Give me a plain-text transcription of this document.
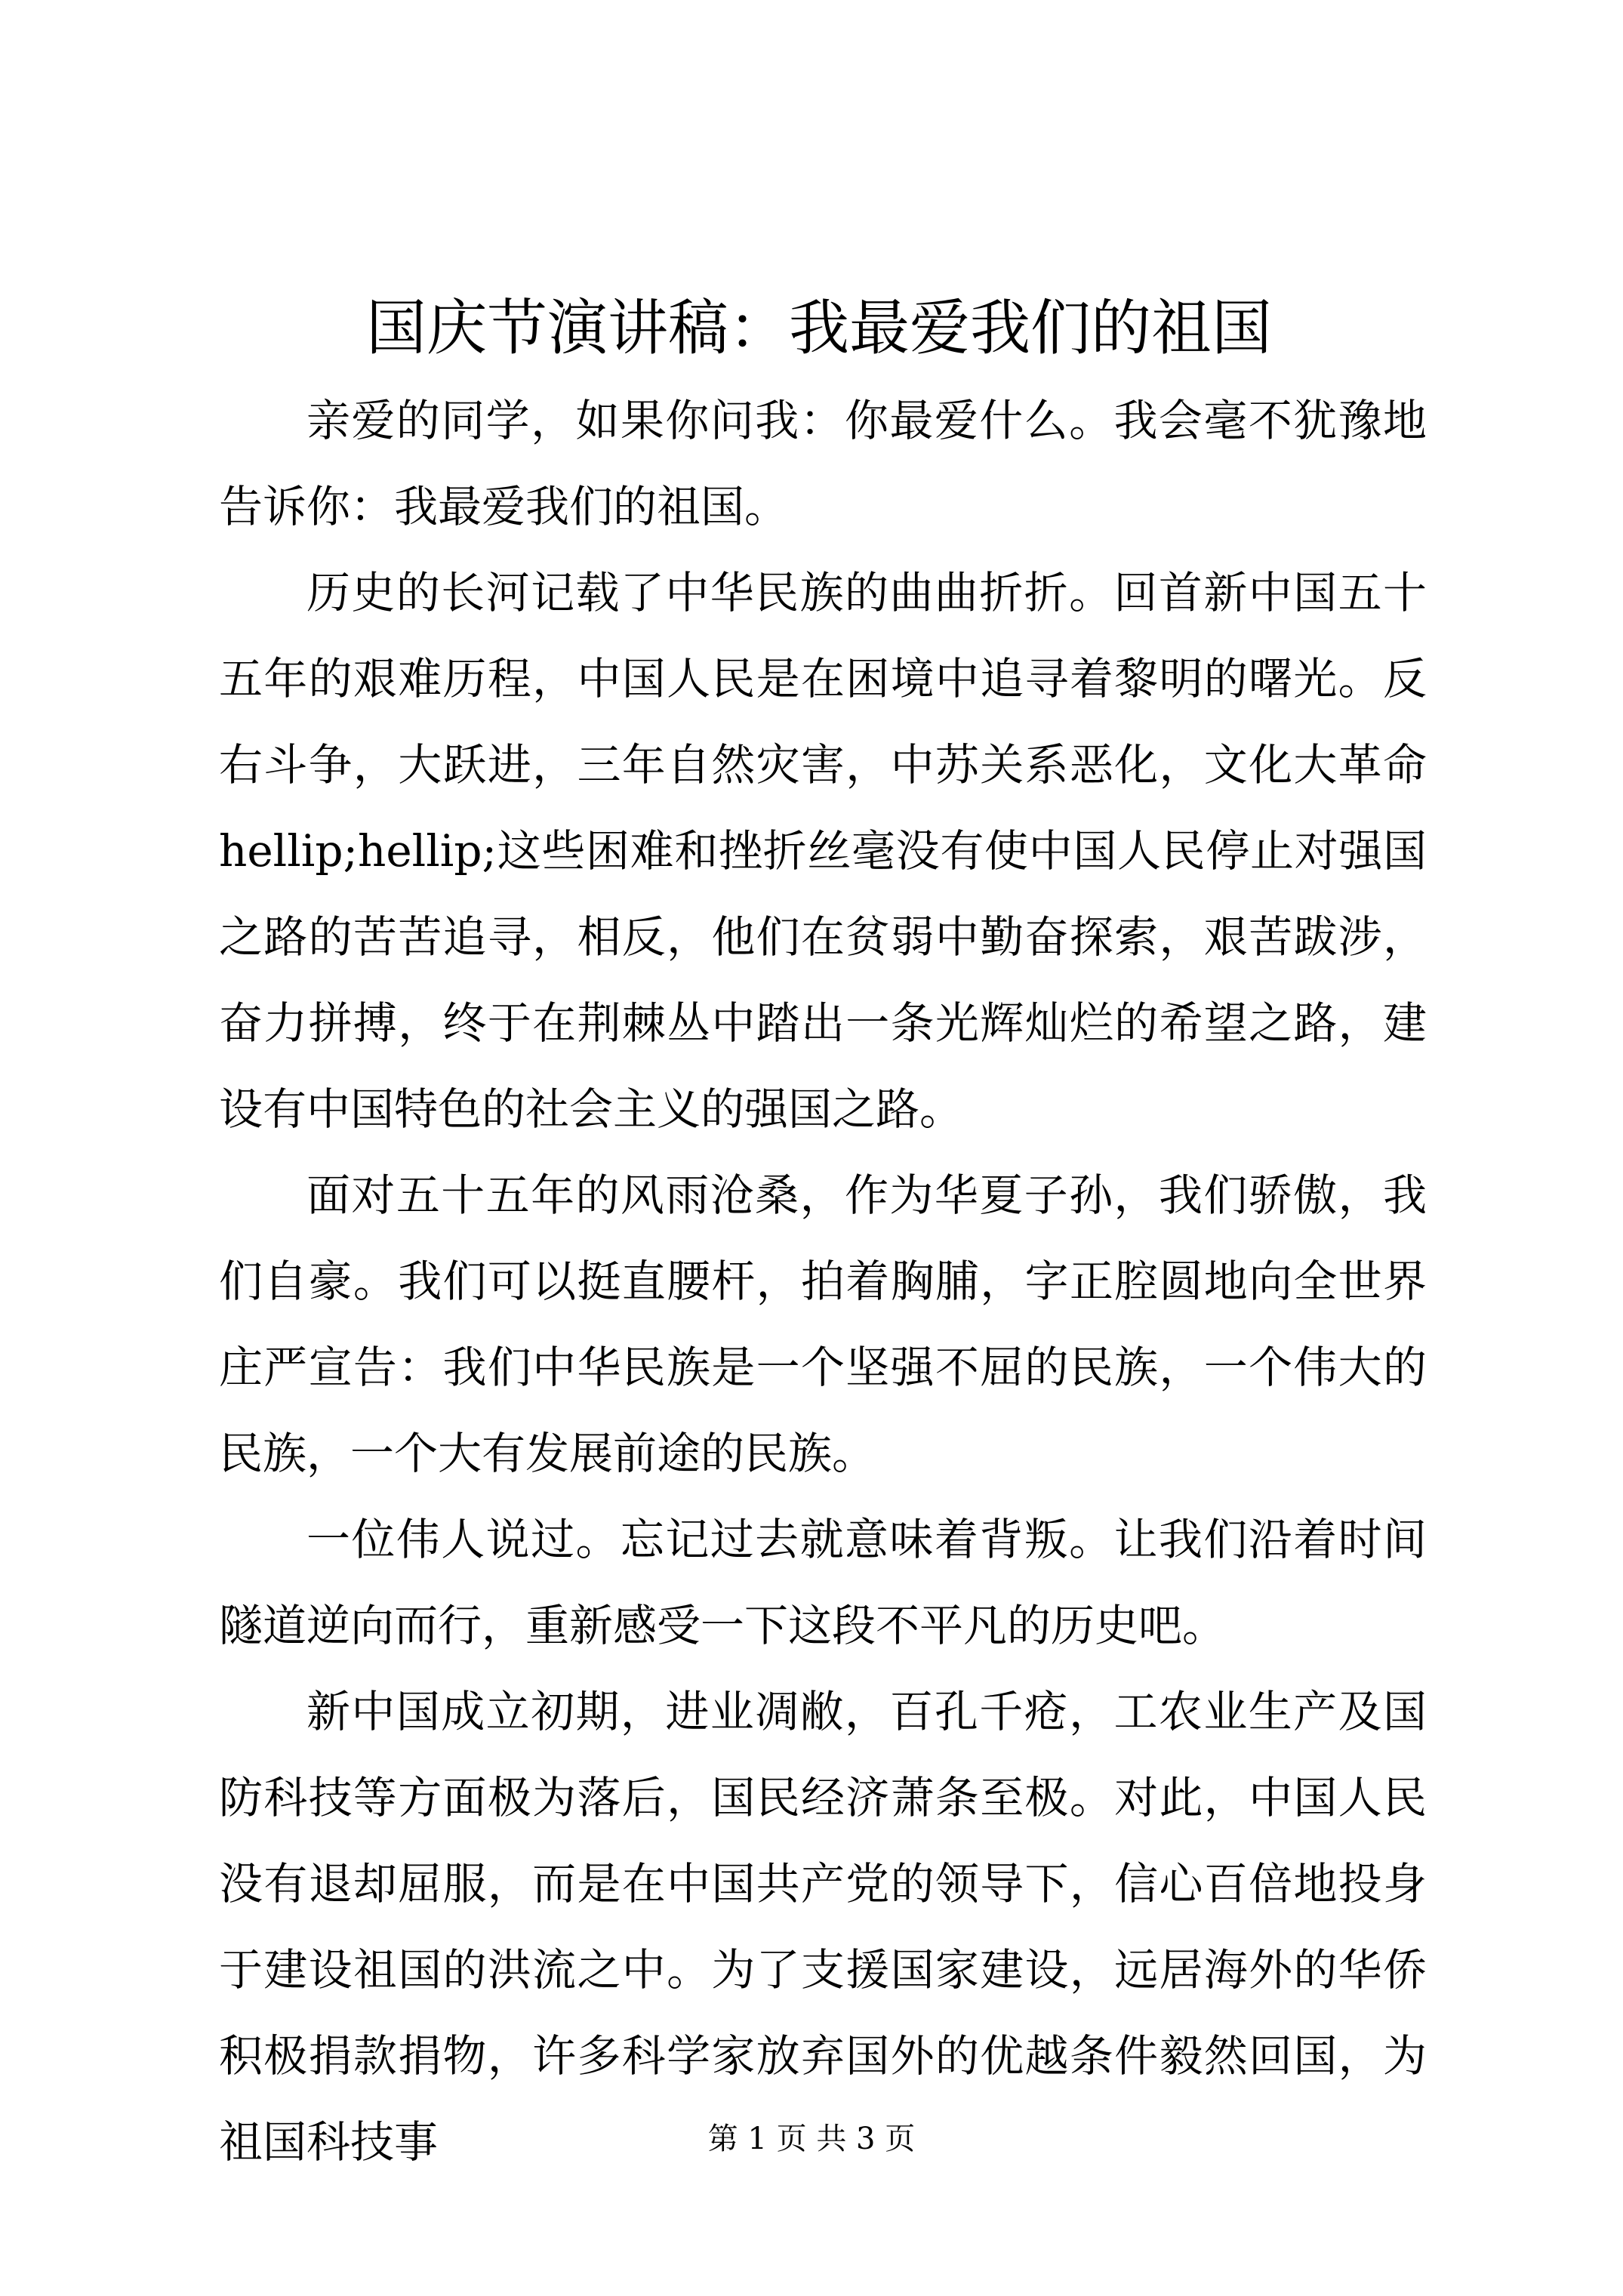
国庆节演讲稿：我最爱我们的祖国

亲爱的同学，如果你问我：你最爱什么。我会毫不犹豫地告诉你：我最爱我们的祖国。

历史的长河记载了中华民族的曲曲折折。回首新中国五十五年的艰难历程，中国人民是在困境中追寻着黎明的曙光。反右斗争，大跃进，三年自然灾害，中苏关系恶化，文化大革命hellip;hellip;这些困难和挫折丝毫没有使中国人民停止对强国之路的苦苦追寻，相反，他们在贫弱中勤奋探索，艰苦跋涉，奋力拼搏，终于在荆棘丛中踏出一条光辉灿烂的希望之路，建设有中国特色的社会主义的强国之路。

面对五十五年的风雨沧桑，作为华夏子孙，我们骄傲，我们自豪。我们可以挺直腰杆，拍着胸脯，字正腔圆地向全世界庄严宣告：我们中华民族是一个坚强不屈的民族，一个伟大的民族，一个大有发展前途的民族。

一位伟人说过。忘记过去就意味着背叛。让我们沿着时间隧道逆向而行，重新感受一下这段不平凡的历史吧。

新中国成立初期，进业凋敝，百孔千疮，工农业生产及国防科技等方面极为落后，国民经济萧条至极。对此，中国人民没有退却屈服，而是在中国共产党的领导下，信心百倍地投身于建设祖国的洪流之中。为了支援国家建设，远居海外的华侨积极捐款捐物，许多科学家放弃国外的优越条件毅然回国，为祖国科技事	第 1 页 共 3 页
